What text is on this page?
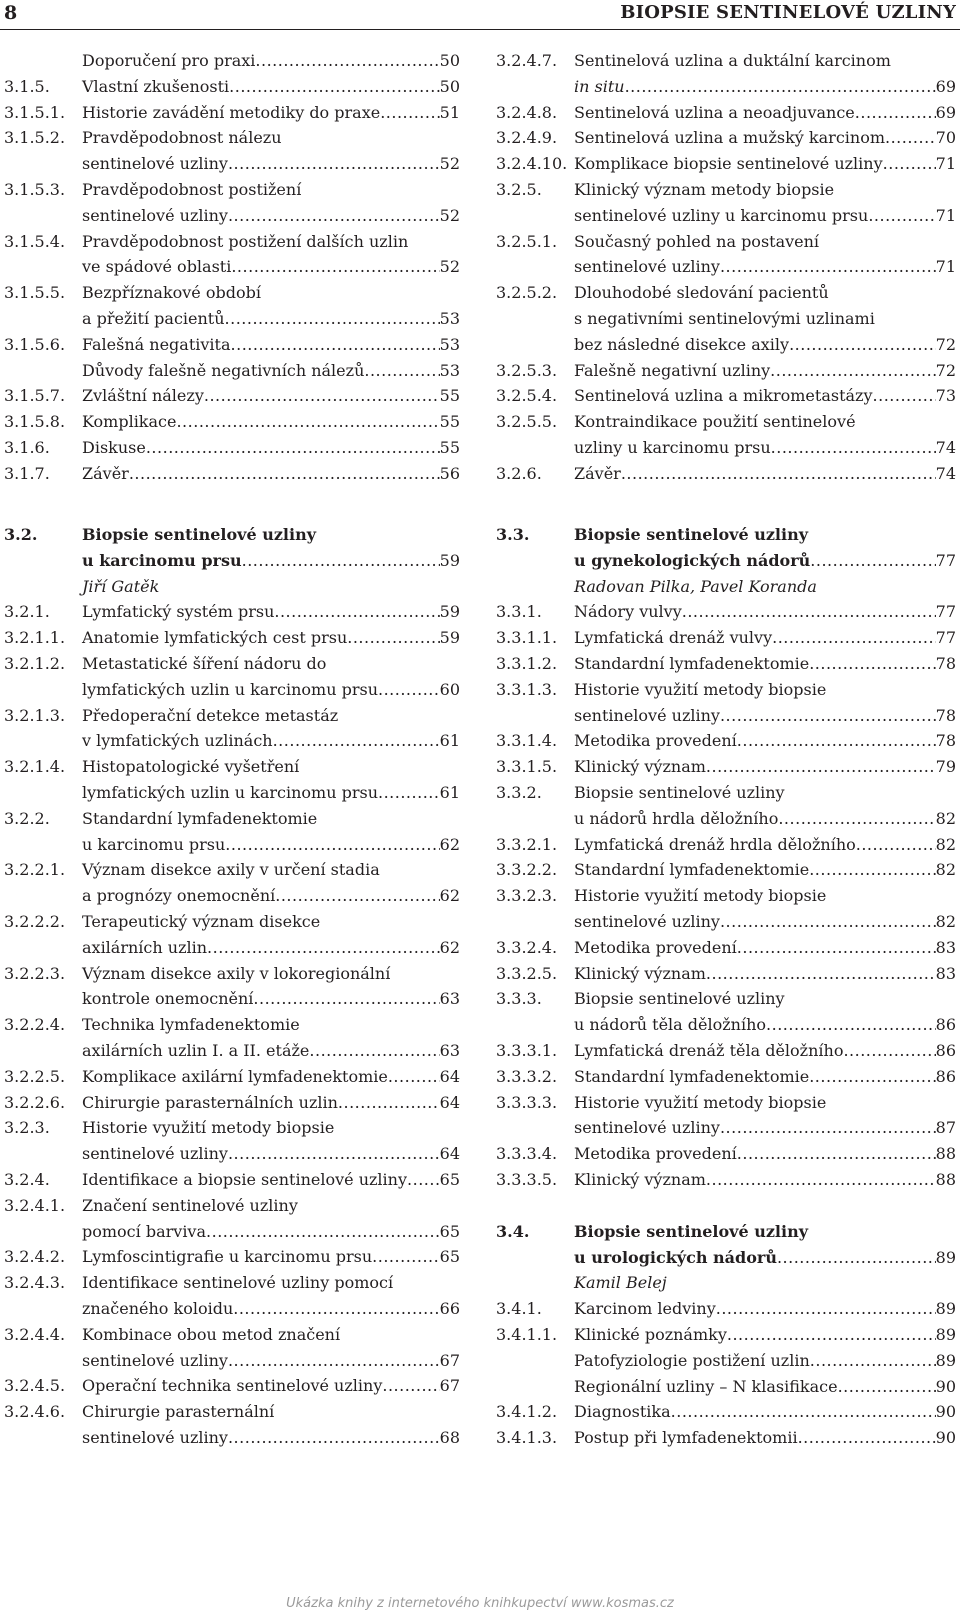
8	BIOPSIE SENTINELOVÉ UZLINY
Doporučení pro praxi .....	50
3.1.5.	Vlastní zkušenosti .....	50
3.1.5.1.	Historie zavádění metodiky do praxe .....	51
3.1.5.2.	Pravděpodobnost nálezu
sentinelové uzliny .....	52
3.1.5.3.	Pravděpodobnost postižení
sentinelové uzliny .....	52
3.1.5.4.	Pravděpodobnost postižení dalších uzlin
ve spádové oblasti .....	52
3.1.5.5.	Bezpříznakové období
a přežití pacientů .....	53
3.1.5.6.	Falešná negativita .....	53
Důvody falešně negativních nálezů .....	53
3.1.5.7.	Zvláštní nálezy .....	55
3.1.5.8.	Komplikace .....	55
3.1.6.	Diskuse .....	55
3.1.7.	Závěr .....	56
3.2.4.7.	Sentinelová uzlina a duktální karcinom
in situ .....	69
3.2.4.8.	Sentinelová uzlina a neoadjuvance .....	69
3.2.4.9.	Sentinelová uzlina a mužský karcinom .....	70
3.2.4.10. Komplikace biopsie sentinelové uzliny .....	71
3.2.5.	Klinický význam metody biopsie
sentinelové uzliny u karcinomu prsu .....	71
3.2.5.1.	Současný pohled na postavení
sentinelové uzliny .....	71
3.2.5.2.	Dlouhodobé sledování pacientů
s negativními sentinelovými uzlinami
bez následné disekce axily .....	72
3.2.5.3.	Falešně negativní uzliny .....	72
3.2.5.4.	Sentinelová uzlina a mikrometastázy .....	73
3.2.5.5.	Kontraindikace použití sentinelové
uzliny u karcinomu prsu .....	74
3.2.6.	Závěr .....	74
3.2.	Biopsie sentinelové uzliny
u karcinomu prsu .....	59
Jiří Gatěk
3.2.1.	Lymfatický systém prsu .....	59
3.2.1.1.	Anatomie lymfatických cest prsu .....	59
3.2.1.2.	Metastatické šíření nádoru do
lymfatických uzlin u karcinomu prsu .....	60
3.2.1.3.	Předoperační detekce metastáz
v lymfatických uzlinách .....	61
3.2.1.4.	Histopatologické vyšetření
lymfatických uzlin u karcinomu prsu .....	61
3.2.2.	Standardní lymfadenektomie
u karcinomu prsu .....	62
3.2.2.1.	Význam disekce axily v určení stadia
a prognózy onemocnění .....	62
3.2.2.2.	Terapeutický význam disekce
axilárních uzlin .....	62
3.2.2.3.	Význam disekce axily v lokoregionální
kontrole onemocnění .....	63
3.2.2.4.	Technika lymfadenektomie
axilárních uzlin I. a II. etáže .....	63
3.2.2.5.	Komplikace axilární lymfadenektomie .....	64
3.2.2.6.	Chirurgie parasternálních uzlin .....	64
3.2.3.	Historie využití metody biopsie
sentinelové uzliny .....	64
3.2.4.	Identifikace a biopsie sentinelové uzliny ..... 65
3.2.4.1.	Značení sentinelové uzliny
pomocí barviva .....	65
3.2.4.2.	Lymfoscintigrafie u karcinomu prsu .....	65
3.2.4.3.	Identifikace sentinelové uzliny pomocí
značeného koloidu .....	66
3.2.4.4.	Kombinace obou metod značení
sentinelové uzliny .....	67
3.2.4.5.	Operační technika sentinelové uzliny .....	67
3.2.4.6.	Chirurgie parasternální
sentinelové uzliny .....	68
3.3.	Biopsie sentinelové uzliny
u gynekologických nádorů .....	77
Radovan Pilka, Pavel Koranda
3.3.1.	Nádory vulvy .....	77
3.3.1.1.	Lymfatická drenáž vulvy .....	77
3.3.1.2.	Standardní lymfadenektomie .....	78
3.3.1.3.	Historie využití metody biopsie
sentinelové uzliny .....	78
3.3.1.4.	Metodika provedení .....	78
3.3.1.5.	Klinický význam .....	79
3.3.2.	Biopsie sentinelové uzliny
u nádorů hrdla děložního .....	82
3.3.2.1.	Lymfatická drenáž hrdla děložního .....	82
3.3.2.2.	Standardní lymfadenektomie .....	82
3.3.2.3.	Historie využití metody biopsie
sentinelové uzliny .....	82
3.3.2.4.	Metodika provedení .....	83
3.3.2.5.	Klinický význam .....	83
3.3.3.	Biopsie sentinelové uzliny
u nádorů těla děložního .....	86
3.3.3.1.	Lymfatická drenáž těla děložního .....	86
3.3.3.2.	Standardní lymfadenektomie .....	86
3.3.3.3.	Historie využití metody biopsie
sentinelové uzliny .....	87
3.3.3.4.	Metodika provedení .....	88
3.3.3.5.	Klinický význam .....	88
3.4.	Biopsie sentinelové uzliny
u urologických nádorů .....	89
Kamil Belej
3.4.1.	Karcinom ledviny .....	89
3.4.1.1.	Klinické poznámky .....	89
Patofyziologie postižení uzlin .....	89
Regionální uzliny – N klasifikace .....	90
3.4.1.2.	Diagnostika .....	90
3.4.1.3.	Postup při lymfadenektomii .....	90
Ukázka knihy z internetového knihkupectví www.kosmas.cz
